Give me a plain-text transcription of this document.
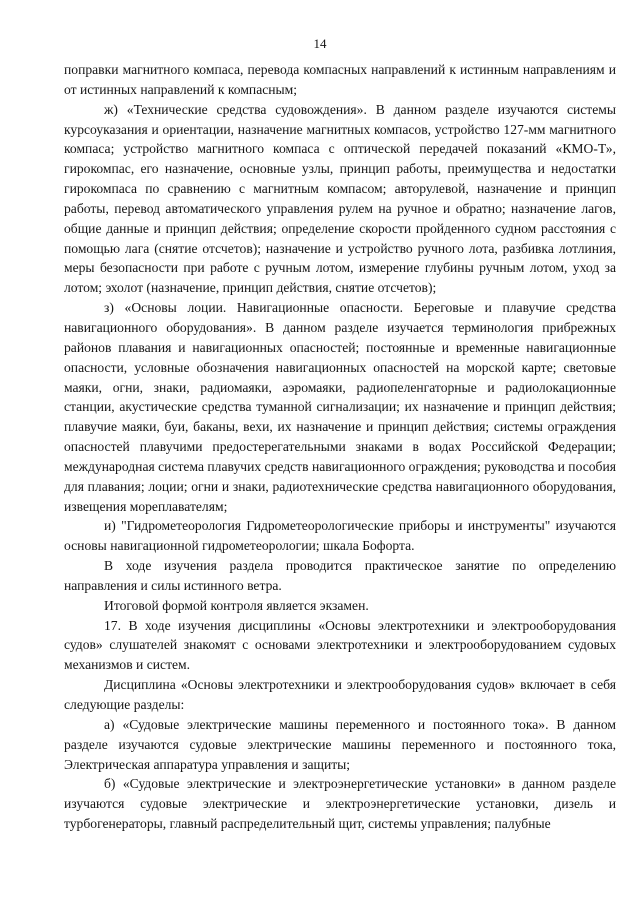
14

поправки магнитного компаса, перевода компасных направлений к истинным направлениям и от истинных направлений к компасным;

ж) «Технические средства судовождения». В данном разделе изучаются системы курсоуказания и ориентации, назначение магнитных компасов, устройство 127-мм магнитного компаса; устройство магнитного компаса с оптической передачей показаний «КМО-Т», гирокомпас, его назначение, основные узлы, принцип работы, преимущества и недостатки гирокомпаса по сравнению с магнитным компасом; авторулевой, назначение и принцип работы, перевод автоматического управления рулем на ручное и обратно; назначение лагов, общие данные и принцип действия; определение скорости пройденного судном расстояния с помощью лага (снятие отсчетов); назначение и устройство ручного лота, разбивка лотлиния, меры безопасности при работе с ручным лотом, измерение глубины ручным лотом, уход за лотом; эхолот (назначение, принцип действия, снятие отсчетов);

з) «Основы лоции. Навигационные опасности. Береговые и плавучие средства навигационного оборудования». В данном разделе изучается терминология прибрежных районов плавания и навигационных опасностей; постоянные и временные навигационные опасности, условные обозначения навигационных опасностей на морской карте; световые маяки, огни, знаки, радиомаяки, аэромаяки, радиопеленгаторные и радиолокационные станции, акустические средства туманной сигнализации; их назначение и принцип действия; плавучие маяки, буи, баканы, вехи, их назначение и принцип действия; системы ограждения опасностей плавучими предостерегательными знаками в водах Российской Федерации; международная система плавучих средств навигационного ограждения; руководства и пособия для плавания; лоции; огни и знаки, радиотехнические средства навигационного оборудования, извещения мореплавателям;

и) "Гидрометеорология Гидрометеорологические приборы и инструменты" изучаются основы навигационной гидрометеорологии; шкала Бофорта.

В ходе изучения раздела проводится практическое занятие по определению направления и силы истинного ветра.

Итоговой формой контроля является экзамен.

17. В ходе изучения дисциплины «Основы электротехники и электрооборудования судов» слушателей знакомят с основами электротехники и электрооборудованием судовых механизмов и систем.

Дисциплина «Основы электротехники и электрооборудования судов» включает в себя следующие разделы:

а) «Судовые электрические машины переменного и постоянного тока». В данном разделе изучаются судовые электрические машины переменного и постоянного тока, Электрическая аппаратура управления и защиты;

б) «Судовые электрические и электроэнергетические установки» в данном разделе изучаются судовые электрические и электроэнергетические установки, дизель и турбогенераторы, главный распределительный щит, системы управления; палубные
